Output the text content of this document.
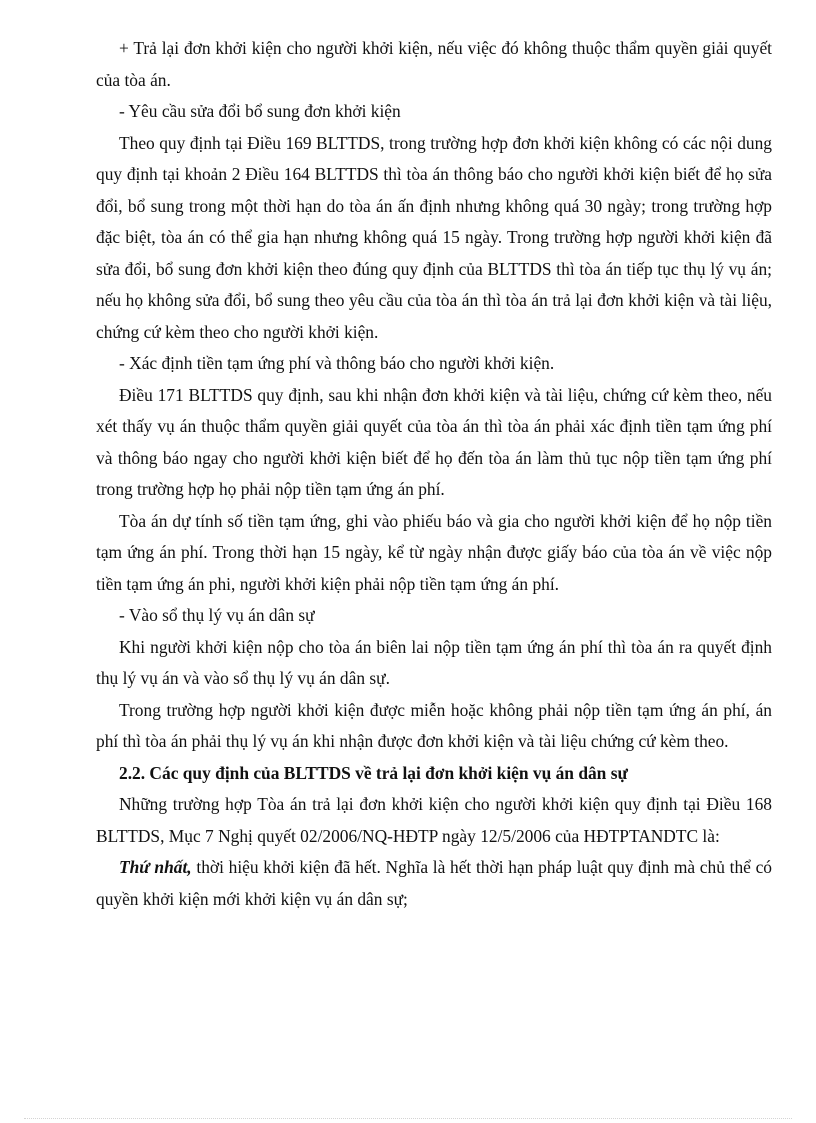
+ Trả lại đơn khởi kiện cho người khởi kiện, nếu việc đó không thuộc thẩm quyền giải quyết của tòa án.

- Yêu cầu sửa đổi bổ sung đơn khởi kiện

Theo quy định tại Điều 169 BLTTDS, trong trường hợp đơn khởi kiện không có các nội dung quy định tại khoản 2 Điều 164 BLTTDS thì tòa án thông báo cho người khởi kiện biết để họ sửa đổi, bổ sung trong một thời hạn do tòa án ấn định nhưng không quá 30 ngày; trong trường hợp đặc biệt, tòa án có thể gia hạn nhưng không quá 15 ngày. Trong trường hợp người khởi kiện đã sửa đổi, bổ sung đơn khởi kiện theo đúng quy định của BLTTDS thì tòa án tiếp tục thụ lý vụ án; nếu họ không sửa đổi, bổ sung theo yêu cầu của tòa án thì tòa án trả lại đơn khởi kiện và tài liệu, chứng cứ kèm theo cho người khởi kiện.

- Xác định tiền tạm ứng phí và thông báo cho người khởi kiện.

Điều 171 BLTTDS quy định, sau khi nhận đơn khởi kiện và tài liệu, chứng cứ kèm theo, nếu xét thấy vụ án thuộc thẩm quyền giải quyết của tòa án thì tòa án phải xác định tiền tạm ứng phí và thông báo ngay cho người khởi kiện biết để họ đến tòa án làm thủ tục nộp tiền tạm ứng phí trong trường hợp họ phải nộp tiền tạm ứng án phí.

Tòa án dự tính số tiền tạm ứng, ghi vào phiếu báo và gia cho người khởi kiện để họ nộp tiền tạm ứng án phí. Trong thời hạn 15 ngày, kể từ ngày nhận được giấy báo của tòa án về việc nộp tiền tạm ứng án phi, người khởi kiện phải nộp tiền tạm ứng án phí.

- Vào sổ thụ lý vụ án dân sự

Khi người khởi kiện nộp cho tòa án biên lai nộp tiền tạm ứng án phí thì tòa án ra quyết định thụ lý vụ án và vào sổ thụ lý vụ án dân sự.

Trong trường hợp người khởi kiện được miễn hoặc không phải nộp tiền tạm ứng án phí, án phí thì tòa án phải thụ lý vụ án khi nhận được đơn khởi kiện và tài liệu chứng cứ kèm theo.

2.2. Các quy định của BLTTDS về trả lại đơn khởi kiện vụ án dân sự

Những trường hợp Tòa án trả lại đơn khởi kiện cho người khởi kiện quy định tại Điều 168 BLTTDS, Mục 7 Nghị quyết 02/2006/NQ-HĐTP ngày 12/5/2006 của HĐTPTANDTC là:

Thứ nhất, thời hiệu khởi kiện đã hết. Nghĩa là hết thời hạn pháp luật quy định mà chủ thể có quyền khởi kiện mới khởi kiện vụ án dân sự;
